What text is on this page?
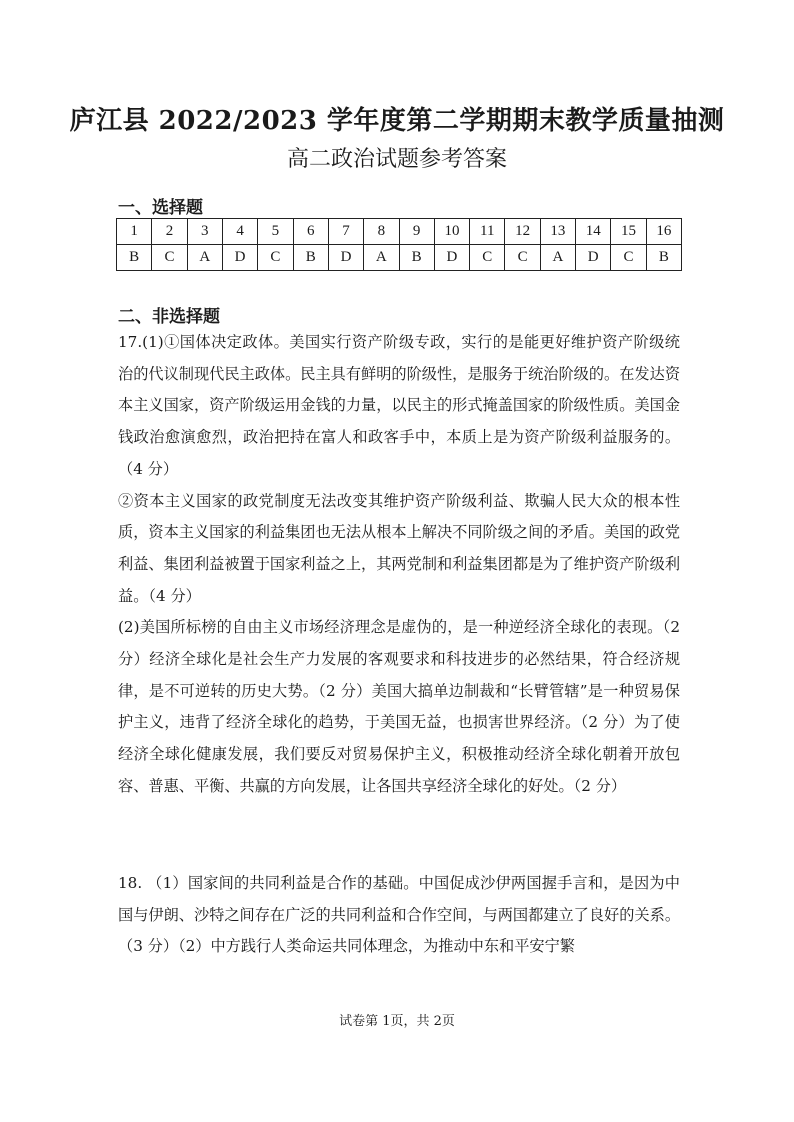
庐江县 2022/2023 学年度第二学期期末教学质量抽测
高二政治试题参考答案
一、选择题
1	2	3	4	5	6	7	8	9	10	11	12	13	14	15	16
B	C	A	D	C	B	D	A	B	D	C	C	A	D	C	B
二、非选择题

17.(1)①国体决定政体。美国实行资产阶级专政，实行的是能更好维护资产阶级统治的代议制现代民主政体。民主具有鲜明的阶级性，是服务于统治阶级的。在发达资本主义国家，资产阶级运用金钱的力量，以民主的形式掩盖国家的阶级性质。美国金钱政治愈演愈烈，政治把持在富人和政客手中，本质上是为资产阶级利益服务的。（4 分）

②资本主义国家的政党制度无法改变其维护资产阶级利益、欺骗人民大众的根本性质，资本主义国家的利益集团也无法从根本上解决不同阶级之间的矛盾。美国的政党利益、集团利益被置于国家利益之上，其两党制和利益集团都是为了维护资产阶级利益。（4 分）

(2)美国所标榜的自由主义市场经济理念是虚伪的，是一种逆经济全球化的表现。（2 分）经济全球化是社会生产力发展的客观要求和科技进步的必然结果，符合经济规律，是不可逆转的历史大势。（2 分）美国大搞单边制裁和“长臂管辖”是一种贸易保护主义，违背了经济全球化的趋势，于美国无益，也损害世界经济。（2 分）为了使经济全球化健康发展，我们要反对贸易保护主义，积极推动经济全球化朝着开放包容、普惠、平衡、共赢的方向发展，让各国共享经济全球化的好处。（2 分）

18. （1）国家间的共同利益是合作的基础。中国促成沙伊两国握手言和，是因为中国与伊朗、沙特之间存在广泛的共同利益和合作空间，与两国都建立了良好的关系。（3 分）（2）中方践行人类命运共同体理念，为推动中东和平安宁繁

试卷第 1页，共 2页
